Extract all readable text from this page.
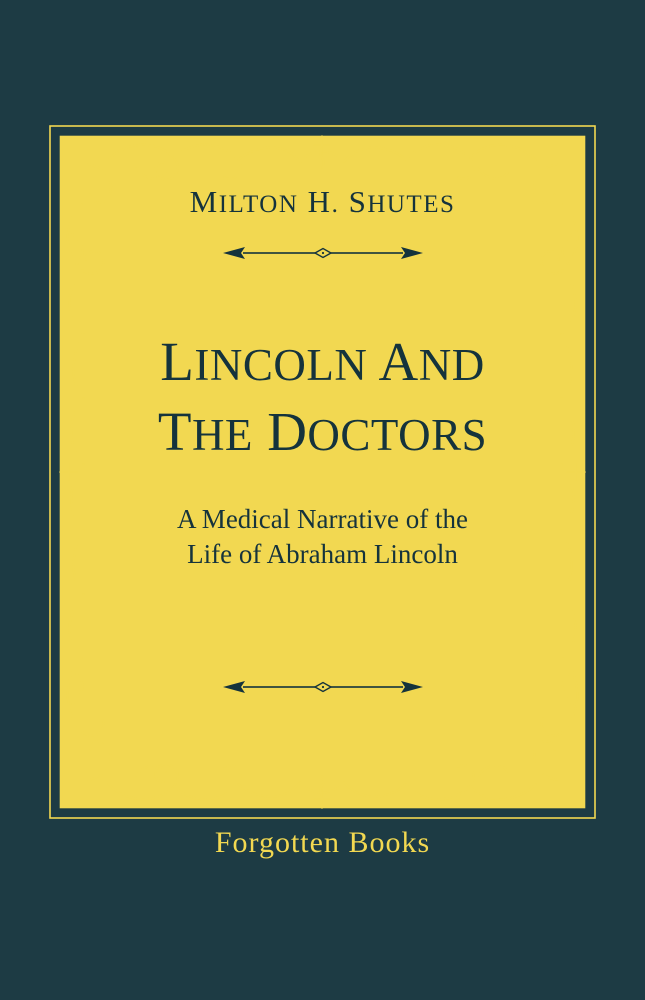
MILTON H. SHUTES
LINCOLN AND
THE DOCTORS
A Medical Narrative of the
Life of Abraham Lincoln
Forgotten Books
